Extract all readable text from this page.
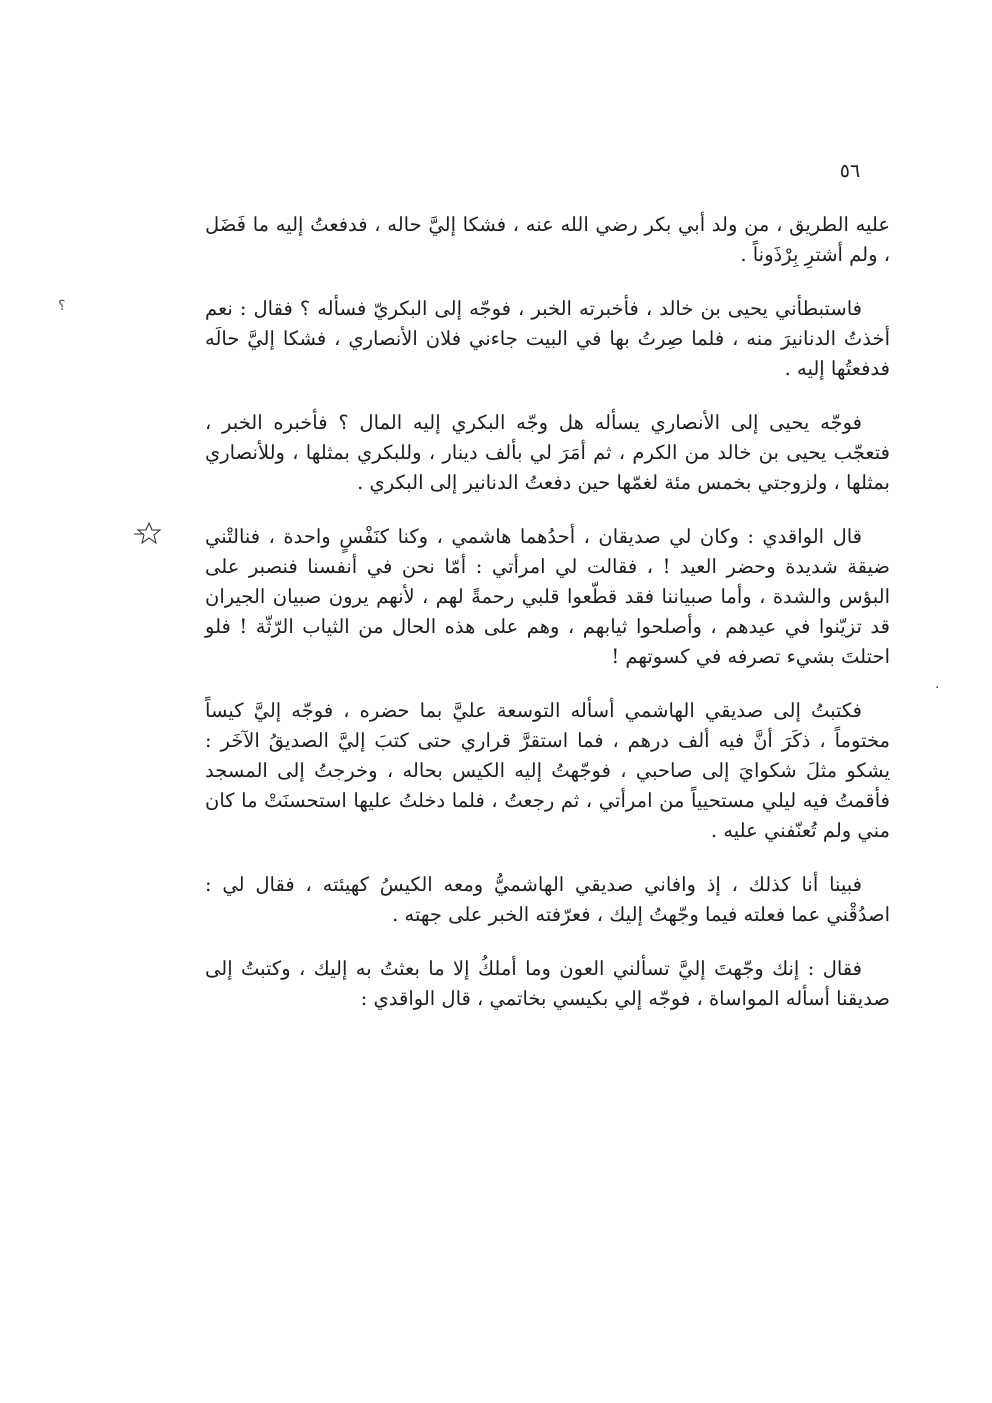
٥٦
؟
·

عليه الطريق ، من ولد أبي بكر رضي الله عنه ، فشكا إليَّ حاله ، فدفعتُ إليه ما فَضَل ، ولم أشترِ بِرْذَوناً .

فاستبطأني يحيى بن خالد ، فأخبرته الخبر ، فوجّه إلى البكريّ فسأله ؟ فقال : نعم أخذتُ الدنانيرَ منه ، فلما صِرتُ بها في البيت جاءني فلان الأنصاري ، فشكا إليَّ حالَه فدفعتُها إليه .

فوجّه يحيى إلى الأنصاري يسأله هل وجّه البكري إليه المال ؟ فأخبره الخبر ، فتعجّب يحيى بن خالد من الكرم ، ثم أمَرَ لي بألف دينار ، وللبكري بمثلها ، وللأنصاري بمثلها ، ولزوجتي بخمس مئة لغمّها حين دفعتُ الدنانير إلى البكري .

قال الواقدي : وكان لي صديقان ، أحدُهما هاشمي ، وكنا كنَفْسٍ واحدة ، فنالتْني ضيقة شديدة وحضر العيد ! ، فقالت لي امرأتي : أمّا نحن في أنفسنا فنصبر على البؤس والشدة ، وأما صبياننا فقد قطّعوا قلبي رحمةً لهم ، لأنهم يرون صبيان الجيران قد تزيّنوا في عيدهم ، وأصلحوا ثيابهم ، وهم على هذه الحال من الثياب الرّثّة ! فلو احتلتَ بشيء تصرفه في كسوتهم !

فكتبتُ إلى صديقي الهاشمي أسأله التوسعة عليَّ بما حضره ، فوجّه إليَّ كيساً مختوماً ، ذكَرَ أنَّ فيه ألف درهم ، فما استقرَّ قراري حتى كتبَ إليَّ الصديقُ الآخَر : يشكو مثلَ شكوايَ إلى صاحبي ، فوجّهتُ إليه الكيس بحاله ، وخرجتُ إلى المسجد فأقمتُ فيه ليلي مستحيياً من امرأتي ، ثم رجعتُ ، فلما دخلتُ عليها استحسنَتْ ما كان مني ولم تُعنّفني عليه .

فبينا أنا كذلك ، إذ وافاني صديقي الهاشميُّ ومعه الكيسُ كهيئته ، فقال لي : اصدُقْني عما فعلته فيما وجّهتُ إليك ، فعرّفته الخبر على جهته .

فقال : إنك وجّهتَ إليَّ تسألني العون وما أملكُ إلا ما بعثتُ به إليك ، وكتبتُ إلى صديقنا أسأله المواساة ، فوجّه إلي بكيسي بخاتمي ، قال الواقدي :
